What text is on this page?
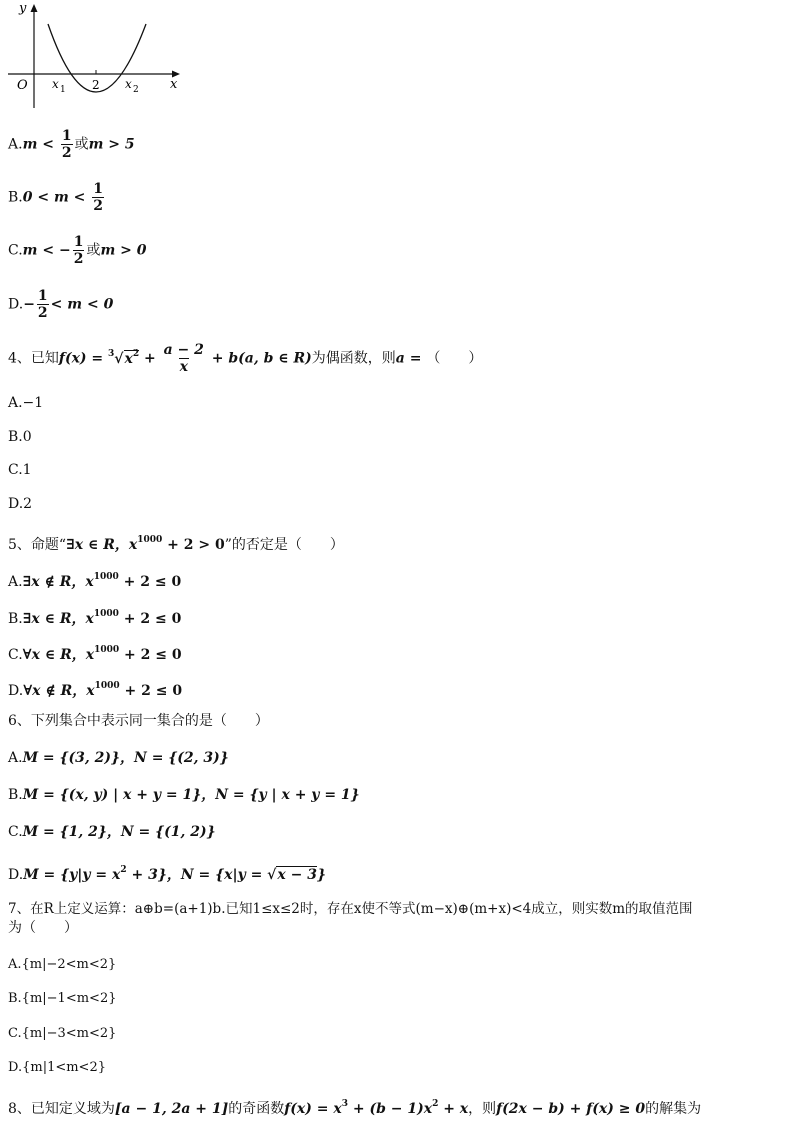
y
x
O x 1 2 x 2
$A.m < \frac{1}{2}$ 或m > 5
$B.0 < m < \frac{1}{2}$
C.m < − $\frac{1}{2}$ 或m > 0
$D.- \frac{1}{2} < m < 0$
4、已知$f(x) = ^3√x^2 + \frac{a - 2}{x} + b(a$, b ∈ R)为偶函数，则a = （　　）
A.−1
B.0
C.1
D.2
5、命题“∃x ∈ R，$x^{1000} + 2 > 0$”的否定是（　　）
A.∃x ∉ R，$x^{1000} + 2 \le 0$
B.∃x ∈ R，$x^{1000} + 2 \le 0$
C.∀x ∈ R，$x^{1000} + 2 \le 0$
D.∀x ∉ R，$x^{1000} + 2 \le 0$
6、下列集合中表示同一集合的是（　　）
A.M = {(3, 2)}，N = {(2, 3)}
B.M = {(x, y) | x + y = 1}，N = {y | x + y = 1}
C.M = {1, 2}，N = {(1, 2)}
$D.M = \{y|y = x^2 + 3\}$，N = {x|y = √x − 3}
7、在R上定义运算：a⊕b=(a+1)b.已知1≤x≤2时，存在x使不等式(m−x)⊕(m+x)<4成立，则实数m的取值范围
为（　　）
A.{m|−2<m<2}
B.{m|−1<m<2}
C.{m|−3<m<2}
D.{m|1<m<2}
8、已知定义域为[a − 1, 2a + 1]的奇函数$f(x) = x^3 + (b - 1)x^2 + x$，则f(2x − b) + f(x) ≥ 0的解集为
